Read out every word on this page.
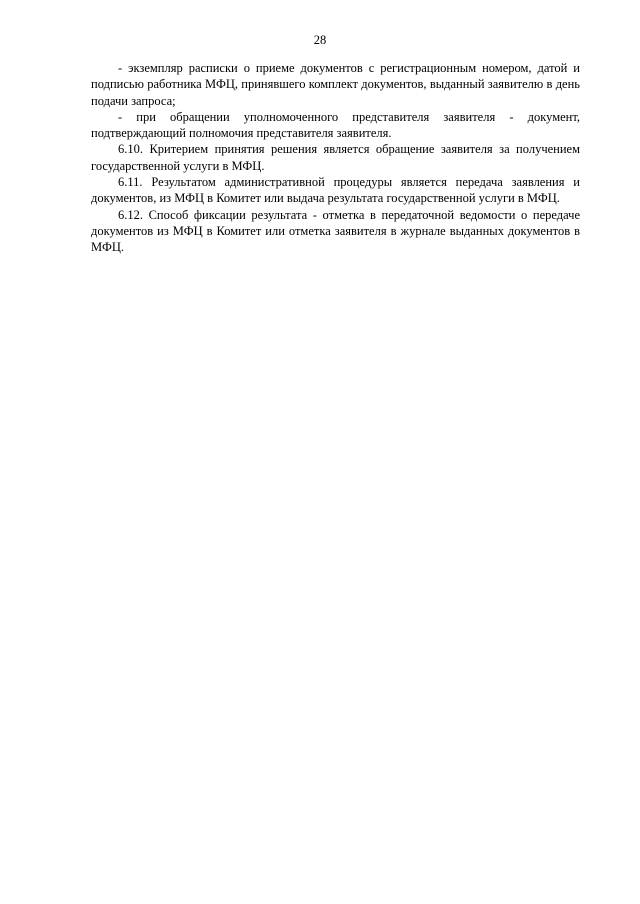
28

- экземпляр расписки о приеме документов с регистрационным номером, датой и подписью работника МФЦ, принявшего комплект документов, выданный заявителю в день подачи запроса;

- при обращении уполномоченного представителя заявителя - документ, подтверждающий полномочия представителя заявителя.

6.10. Критерием принятия решения является обращение заявителя за получением государственной услуги в МФЦ.

6.11. Результатом административной процедуры является передача заявления и документов, из МФЦ в Комитет или выдача результата государственной услуги в МФЦ.

6.12. Способ фиксации результата - отметка в передаточной ведомости о передаче документов из МФЦ в Комитет или отметка заявителя в журнале выданных документов в МФЦ.
